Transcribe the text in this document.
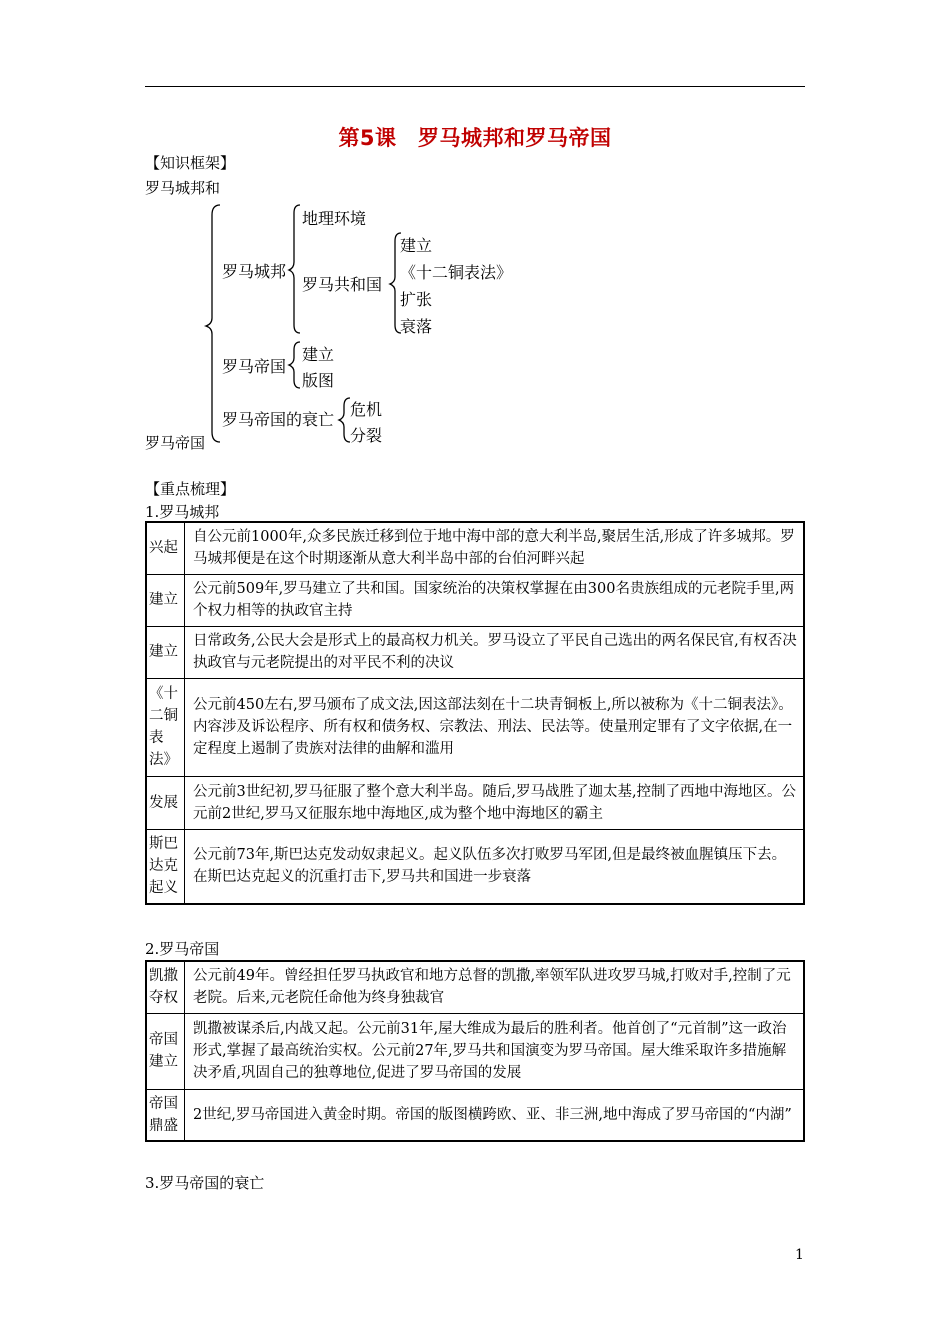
第5课　罗马城邦和罗马帝国
【知识框架】
罗马城邦和
罗马帝国
罗马城邦
罗马帝国
罗马帝国的衰亡
地理环境
罗马共和国
建立
《十二铜表法》
扩张
衰落
建立
版图
危机
分裂
【重点梳理】
1.罗马城邦
兴起	自公元前1000年,众多民族迁移到位于地中海中部的意大利半岛,聚居生活,形成了许多城邦。罗马城邦便是在这个时期逐渐从意大利半岛中部的台伯河畔兴起
建立	公元前509年,罗马建立了共和国。国家统治的决策权掌握在由300名贵族组成的元老院手里,两个权力相等的执政官主持
建立	日常政务,公民大会是形式上的最高权力机关。罗马设立了平民自己选出的两名保民官,有权否决执政官与元老院提出的对平民不利的决议
《十二铜表法》	公元前450左右,罗马颁布了成文法,因这部法刻在十二块青铜板上,所以被称为《十二铜表法》。内容涉及诉讼程序、所有权和债务权、宗教法、刑法、民法等。使量刑定罪有了文字依据,在一定程度上遏制了贵族对法律的曲解和滥用
发展	公元前3世纪初,罗马征服了整个意大利半岛。随后,罗马战胜了迦太基,控制了西地中海地区。公元前2世纪,罗马又征服东地中海地区,成为整个地中海地区的霸主
斯巴达克起义	公元前73年,斯巴达克发动奴隶起义。起义队伍多次打败罗马军团,但是最终被血腥镇压下去。在斯巴达克起义的沉重打击下,罗马共和国进一步衰落
2.罗马帝国
凯撒夺权	公元前49年。曾经担任罗马执政官和地方总督的凯撒,率领军队进攻罗马城,打败对手,控制了元老院。后来,元老院任命他为终身独裁官
帝国建立	凯撒被谋杀后,内战又起。公元前31年,屋大维成为最后的胜利者。他首创了“元首制”这一政治形式,掌握了最高统治实权。公元前27年,罗马共和国演变为罗马帝国。屋大维采取许多措施解决矛盾,巩固自己的独尊地位,促进了罗马帝国的发展
帝国鼎盛	2世纪,罗马帝国进入黄金时期。帝国的版图横跨欧、亚、非三洲,地中海成了罗马帝国的“内湖”
3.罗马帝国的衰亡
1
